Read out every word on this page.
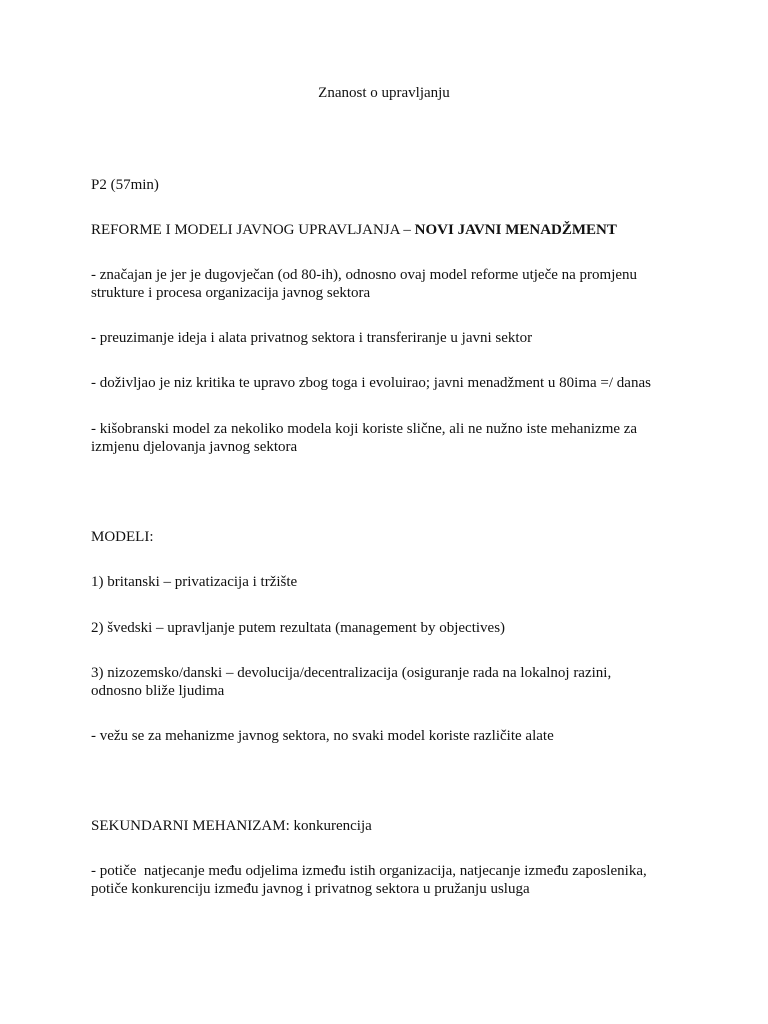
Znanost o upravljanju
P2 (57min)
REFORME I MODELI JAVNOG UPRAVLJANJA – NOVI JAVNI MENADŽMENT
- značajan je jer je dugovječan (od 80-ih), odnosno ovaj model reforme utječe na promjenu
strukture i procesa organizacija javnog sektora
- preuzimanje ideja i alata privatnog sektora i transferiranje u javni sektor
- doživljao je niz kritika te upravo zbog toga i evoluirao; javni menadžment u 80ima =/ danas
- kišobranski model za nekoliko modela koji koriste slične, ali ne nužno iste mehanizme za
izmjenu djelovanja javnog sektora
MODELI:
1) britanski – privatizacija i tržište
2) švedski – upravljanje putem rezultata (management by objectives)
3) nizozemsko/danski – devolucija/decentralizacija (osiguranje rada na lokalnoj razini,
odnosno bliže ljudima
- vežu se za mehanizme javnog sektora, no svaki model koriste različite alate
SEKUNDARNI MEHANIZAM: konkurencija
- potiče  natjecanje među odjelima između istih organizacija, natjecanje između zaposlenika,
potiče konkurenciju između javnog i privatnog sektora u pružanju usluga
